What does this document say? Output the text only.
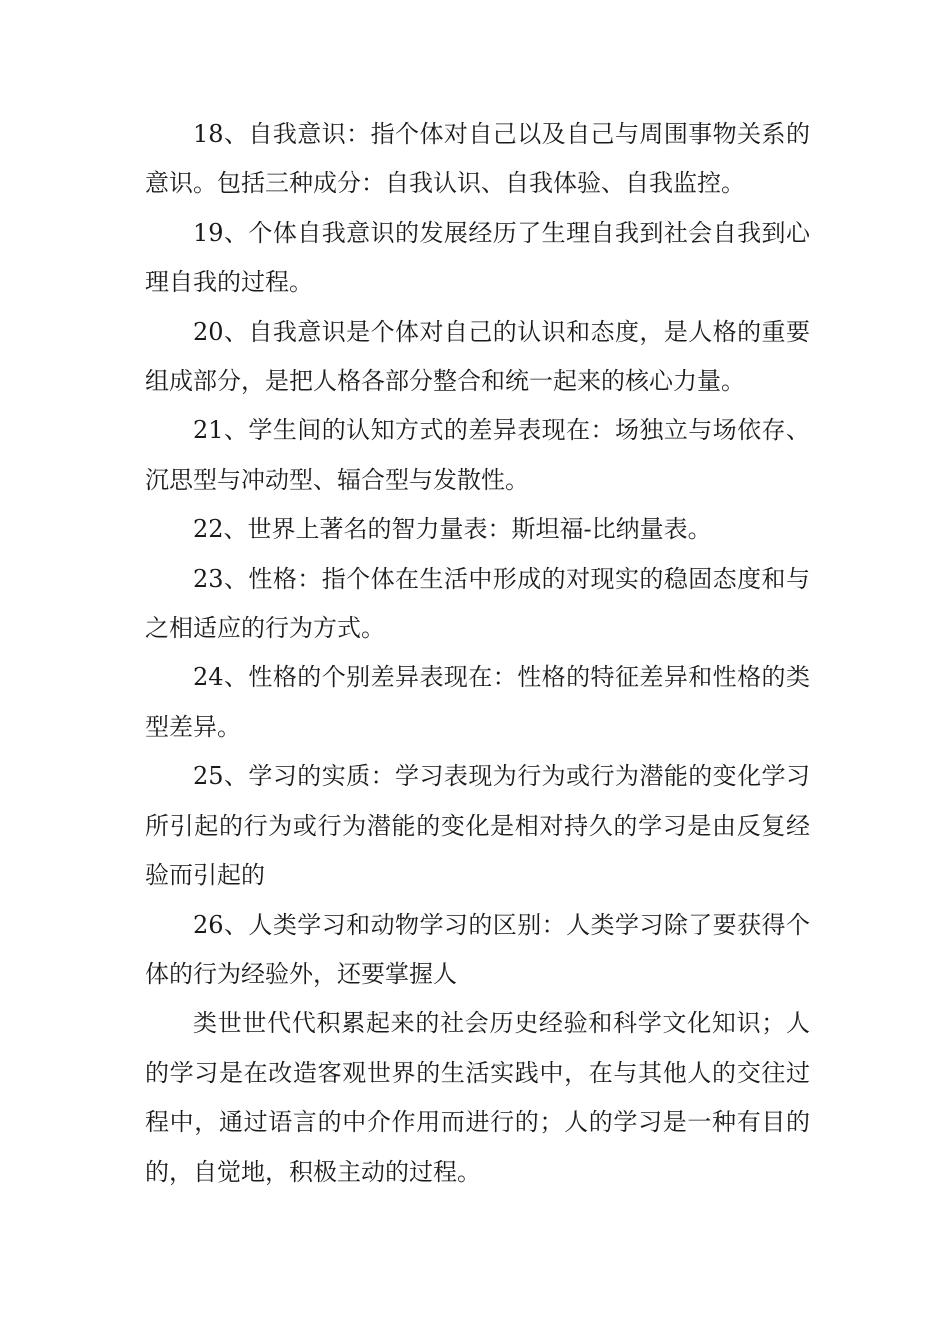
18、自我意识：指个体对自己以及自己与周围事物关系的意识。包括三种成分：自我认识、自我体验、自我监控。

19、个体自我意识的发展经历了生理自我到社会自我到心理自我的过程。

20、自我意识是个体对自己的认识和态度，是人格的重要组成部分，是把人格各部分整合和统一起来的核心力量。

21、学生间的认知方式的差异表现在：场独立与场依存、沉思型与冲动型、辐合型与发散性。

22、世界上著名的智力量表：斯坦福-比纳量表。

23、性格：指个体在生活中形成的对现实的稳固态度和与之相适应的行为方式。

24、性格的个别差异表现在：性格的特征差异和性格的类型差异。

25、学习的实质：学习表现为行为或行为潜能的变化学习所引起的行为或行为潜能的变化是相对持久的学习是由反复经验而引起的

26、人类学习和动物学习的区别：人类学习除了要获得个体的行为经验外，还要掌握人

类世世代代积累起来的社会历史经验和科学文化知识；人的学习是在改造客观世界的生活实践中，在与其他人的交往过程中，通过语言的中介作用而进行的；人的学习是一种有目的的，自觉地，积极主动的过程。
